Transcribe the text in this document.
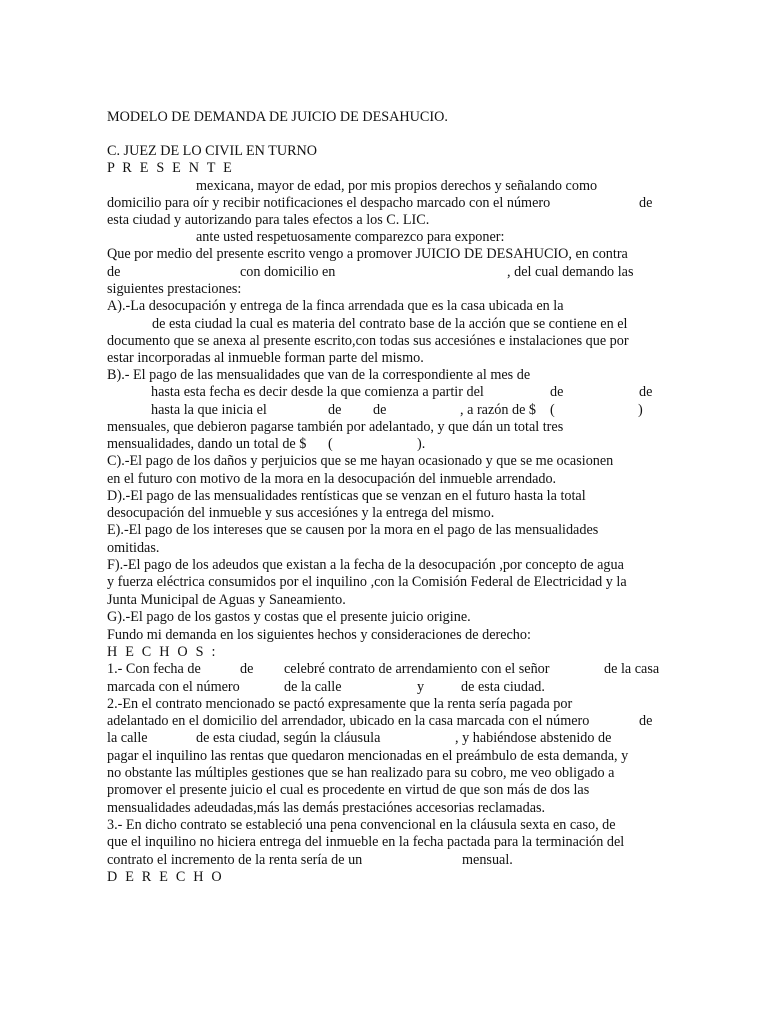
MODELO DE DEMANDA DE JUICIO DE DESAHUCIO.
C. JUEZ DE LO CIVIL EN TURNO
P R E S E N T E
mexicana, mayor de edad, por mis propios derechos y señalando como
domicilio para oír y recibir notificaciones el despacho marcado con el número	de
esta ciudad y autorizando para tales efectos a los C. LIC.
ante usted respetuosamente comparezco para exponer:
Que por medio del presente escrito vengo a promover JUICIO DE DESAHUCIO, en contra
de	con domicilio en	, del cual demando las
siguientes prestaciones:
A).-La desocupación y entrega de la finca arrendada que es la casa ubicada en la
de esta ciudad la cual es materia del contrato base de la acción que se contiene en el
documento que se anexa al presente escrito,con todas sus accesiónes e instalaciones que por
estar incorporadas al inmueble forman parte del mismo.
B).- El pago de las mensualidades que van de la correspondiente al mes de
hasta esta fecha es decir desde la que comienza a partir del	de	de
hasta la que inicia el	de de	, a razón de $ (	)
mensuales, que debieron pagarse también por adelantado, y que dán un total tres
mensualidades, dando un total de $ (	).
C).-El pago de los daños y perjuicios que se me hayan ocasionado y que se me ocasionen
en el futuro con motivo de la mora en la desocupación del inmueble arrendado.
D).-El pago de las mensualidades rentísticas que se venzan en el futuro hasta la total
desocupación del inmueble y sus accesiónes y la entrega del mismo.
E).-El pago de los intereses que se causen por la mora en el pago de las mensualidades
omitidas.
F).-El pago de los adeudos que existan a la fecha de la desocupación ,por concepto de agua
y fuerza eléctrica consumidos por el inquilino ,con la Comisión Federal de Electricidad y la
Junta Municipal de Aguas y Saneamiento.
G).-El pago de los gastos y costas que el presente juicio origine.
Fundo mi demanda en los siguientes hechos y consideraciones de derecho:
H E C H O S :
1.- Con fecha de	de celebré contrato de arrendamiento con el señor	de la casa
marcada con el número	de la calle	y	de esta ciudad.
2.-En el contrato mencionado se pactó expresamente que la renta sería pagada por
adelantado en el domicilio del arrendador, ubicado en la casa marcada con el número	de
la calle	de esta ciudad, según la cláusula	, y habiéndose abstenido de
pagar el inquilino las rentas que quedaron mencionadas en el preámbulo de esta demanda, y
no obstante las múltiples gestiones que se han realizado para su cobro, me veo obligado a
promover el presente juicio el cual es procedente en virtud de que son más de dos las
mensualidades adeudadas,más las demás prestaciónes accesorias reclamadas.
3.- En dicho contrato se estableció una pena convencional en la cláusula sexta en caso, de
que el inquilino no hiciera entrega del inmueble en la fecha pactada para la terminación del
contrato el incremento de la renta sería de un	mensual.
D E R E C H O
